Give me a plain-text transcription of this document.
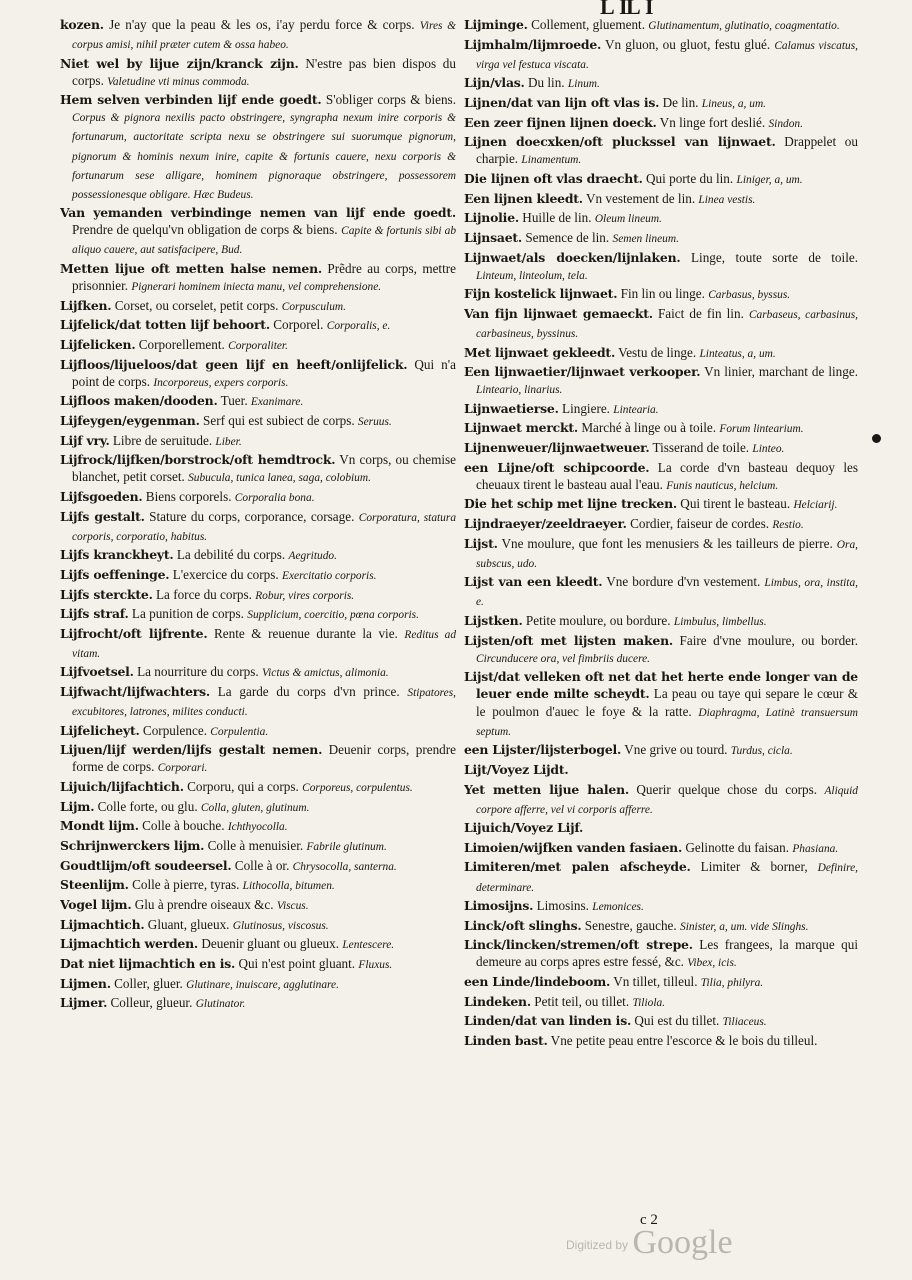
L I
L I

kozen. Je n'ay que la peau & les os, i'ay perdu force & corps. Vires & corpus amisi, nihil præter cutem & ossa habeo.

Niet wel by lijue zijn/kranck zijn. N'estre pas bien dispos du corps. Valetudine vti minus commoda.

Hem selven verbinden lijf ende goedt. S'obliger corps & biens. Corpus & pignora nexilis pacto obstringere, syngrapha nexum inire corporis & fortunarum, auctoritate scripta nexu se obstringere sui suorumque pignorum, pignorum & hominis nexum inire, capite & fortunis cauere, nexu corporis & fortunarum sese alligare, hominem pignoraque obstringere, possessorem possessionesque obligare. Hæc Budeus.

Van yemanden verbindinge nemen van lijf ende goedt. Prendre de quelqu'vn obligation de corps & biens. Capite & fortunis sibi ab aliquo cauere, aut satisfacipere, Bud.

Metten lijue oft metten halse nemen. Prẽdre au corps, mettre prisonnier. Pignerari hominem iniecta manu, vel comprehensione.

Lijfken. Corset, ou corselet, petit corps. Corpusculum.

Lijfelick/dat totten lijf behoort. Corporel. Corporalis, e.

Lijfelicken. Corporellement. Corporaliter.

Lijfloos/lijueloos/dat geen lijf en heeft/onlijfelick. Qui n'a point de corps. Incorporeus, expers corporis.

Lijfloos maken/dooden. Tuer. Exanimare.

Lijfeygen/eygenman. Serf qui est subiect de corps. Seruus.

Lijf vry. Libre de seruitude. Liber.

Lijfrock/lijfken/borstrock/oft hemdtrock. Vn corps, ou chemise blanchet, petit corset. Subucula, tunica lanea, saga, colobium.

Lijfsgoeden. Biens corporels. Corporalia bona.

Lijfs gestalt. Stature du corps, corporance, corsage. Corporatura, statura corporis, corporatio, habitus.

Lijfs kranckheyt. La debilité du corps. Aegritudo.

Lijfs oeffeninge. L'exercice du corps. Exercitatio corporis.

Lijfs sterckte. La force du corps. Robur, vires corporis.

Lijfs straf. La punition de corps. Supplicium, coercitio, pœna corporis.

Lijfrocht/oft lijfrente. Rente & reuenue durante la vie. Reditus ad vitam.

Lijfvoetsel. La nourriture du corps. Victus & amictus, alimonia.

Lijfwacht/lijfwachters. La garde du corps d'vn prince. Stipatores, excubitores, latrones, milites conducti.

Lijfelicheyt. Corpulence. Corpulentia.

Lijuen/lijf werden/lijfs gestalt nemen. Deuenir corps, prendre forme de corps. Corporari.

Lijuich/lijfachtich. Corporu, qui a corps. Corporeus, corpulentus.

Lijm. Colle forte, ou glu. Colla, gluten, glutinum.

Mondt lijm. Colle à bouche. Ichthyocolla.

Schrijnwerckers lijm. Colle à menuisier. Fabrile glutinum.

Goudtlijm/oft soudeersel. Colle à or. Chrysocolla, santerna.

Steenlijm. Colle à pierre, tyras. Lithocolla, bitumen.

Vogel lijm. Glu à prendre oiseaux &c. Viscus.

Lijmachtich. Gluant, glueux. Glutinosus, viscosus.

Lijmachtich werden. Deuenir gluant ou glueux. Lentescere.

Dat niet lijmachtich en is. Qui n'est point gluant. Fluxus.

Lijmen. Coller, gluer. Glutinare, inuiscare, agglutinare.

Lijmer. Colleur, glueur. Glutinator.

Lijminge. Collement, gluement. Glutinamentum, glutinatio, coagmentatio.

Lijmhalm/lijmroede. Vn gluon, ou gluot, festu glué. Calamus viscatus, virga vel festuca viscata.

Lijn/vlas. Du lin. Linum.

Lijnen/dat van lijn oft vlas is. De lin. Lineus, a, um.

Een zeer fijnen lijnen doeck. Vn linge fort deslié. Sindon.

Lijnen doecxken/oft pluckssel van lijnwaet. Drappelet ou charpie. Linamentum.

Die lijnen oft vlas draecht. Qui porte du lin. Liniger, a, um.

Een lijnen kleedt. Vn vestement de lin. Linea vestis.

Lijnolie. Huille de lin. Oleum lineum.

Lijnsaet. Semence de lin. Semen lineum.

Lijnwaet/als doecken/lijnlaken. Linge, toute sorte de toile. Linteum, linteolum, tela.

Fijn kostelick lijnwaet. Fin lin ou linge. Carbasus, byssus.

Van fijn lijnwaet gemaeckt. Faict de fin lin. Carbaseus, carbasinus, carbasineus, byssinus.

Met lijnwaet gekleedt. Vestu de linge. Linteatus, a, um.

Een lijnwaetier/lijnwaet verkooper. Vn linier, marchant de linge. Linteario, linarius.

Lijnwaetierse. Lingiere. Lintearia.

Lijnwaet merckt. Marché à linge ou à toile. Forum lintearium.

Lijnenweuer/lijnwaetweuer. Tisserand de toile. Linteo.

een Lijne/oft schipcoorde. La corde d'vn basteau dequoy les cheuaux tirent le basteau aual l'eau. Funis nauticus, helcium.

Die het schip met lijne trecken. Qui tirent le basteau. Helciarij.

Lijndraeyer/zeeldraeyer. Cordier, faiseur de cordes. Restio.

Lijst. Vne moulure, que font les menusiers & les tailleurs de pierre. Ora, subscus, udo.

Lijst van een kleedt. Vne bordure d'vn vestement. Limbus, ora, instita, e.

Lijstken. Petite moulure, ou bordure. Limbulus, limbellus.

Lijsten/oft met lijsten maken. Faire d'vne moulure, ou border. Circunducere ora, vel fimbriis ducere.

Lijst/dat velleken oft net dat het herte ende longer van de leuer ende milte scheydt. La peau ou taye qui separe le cœur & le poulmon d'auec le foye & la ratte. Diaphragma, Latinè transuersum septum.

een Lijster/lijsterbogel. Vne grive ou tourd. Turdus, cicla.

Lijt/Voyez Lijdt.

Yet metten lijue halen. Querir quelque chose du corps. Aliquid corpore afferre, vel vi corporis afferre.

Lijuich/Voyez Lijf.

Limoien/wijfken vanden fasiaen. Gelinotte du faisan. Phasiana.

Limiteren/met palen afscheyde. Limiter & borner, Definire, determinare.

Limosijns. Limosins. Lemonices.

Linck/oft slinghs. Senestre, gauche. Sinister, a, um. vide Slinghs.

Linck/lincken/stremen/oft strepe. Les frangees, la marque qui demeure au corps apres estre fessé, &c. Vibex, icis.

een Linde/lindeboom. Vn tillet, tilleul. Tilia, philyra.

Lindeken. Petit teil, ou tillet. Tiliola.

Linden/dat van linden is. Qui est du tillet. Tiliaceus.

Linden bast. Vne petite peau entre l'escorce & le bois du tilleul.

c 2
$^{Digitized by}$ Google
